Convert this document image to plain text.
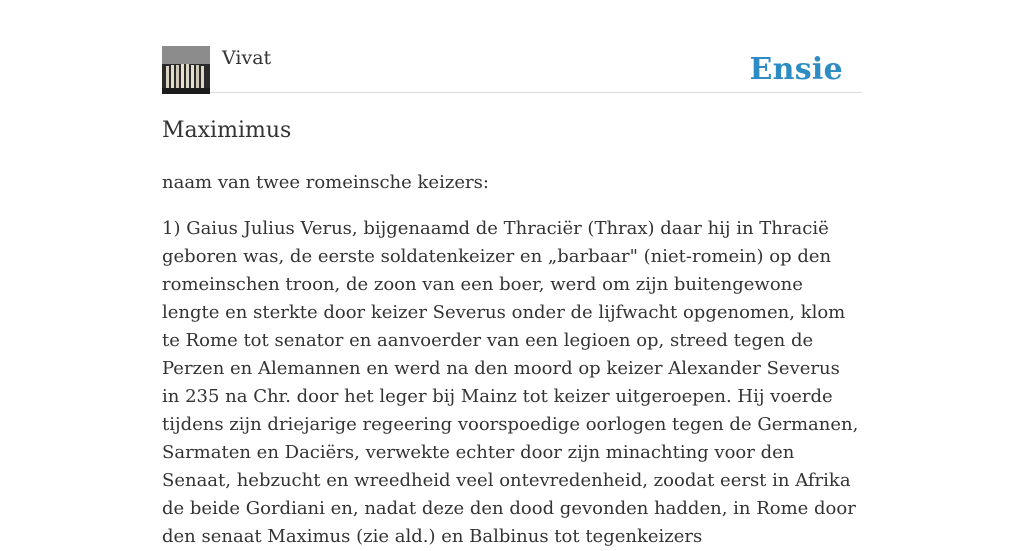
Vivat	Ensie
Maximimus

naam van twee romeinsche keizers:

1) Gaius Julius Verus, bijgenaamd de Thraciër (Thrax) daar hij in Thracië geboren was, de eerste soldatenkeizer en „barbaar" (niet-romein) op den romeinschen troon, de zoon van een boer, werd om zijn buitengewone lengte en sterkte door keizer Severus onder de lijfwacht opgenomen, klom te Rome tot senator en aanvoerder van een legioen op, streed tegen de Perzen en Alemannen en werd na den moord op keizer Alexander Severus in 235 na Chr. door het leger bij Mainz tot keizer uitgeroepen. Hij voerde tijdens zijn driejarige regeering voorspoedige oorlogen tegen de Germanen, Sarmaten en Daciërs, verwekte echter door zijn minachting voor den Senaat, hebzucht en wreedheid veel ontevredenheid, zoodat eerst in Afrika de beide Gordiani en, nadat deze den dood gevonden hadden, in Rome door den senaat Maximus (zie ald.) en Balbinus tot tegenkeizers
